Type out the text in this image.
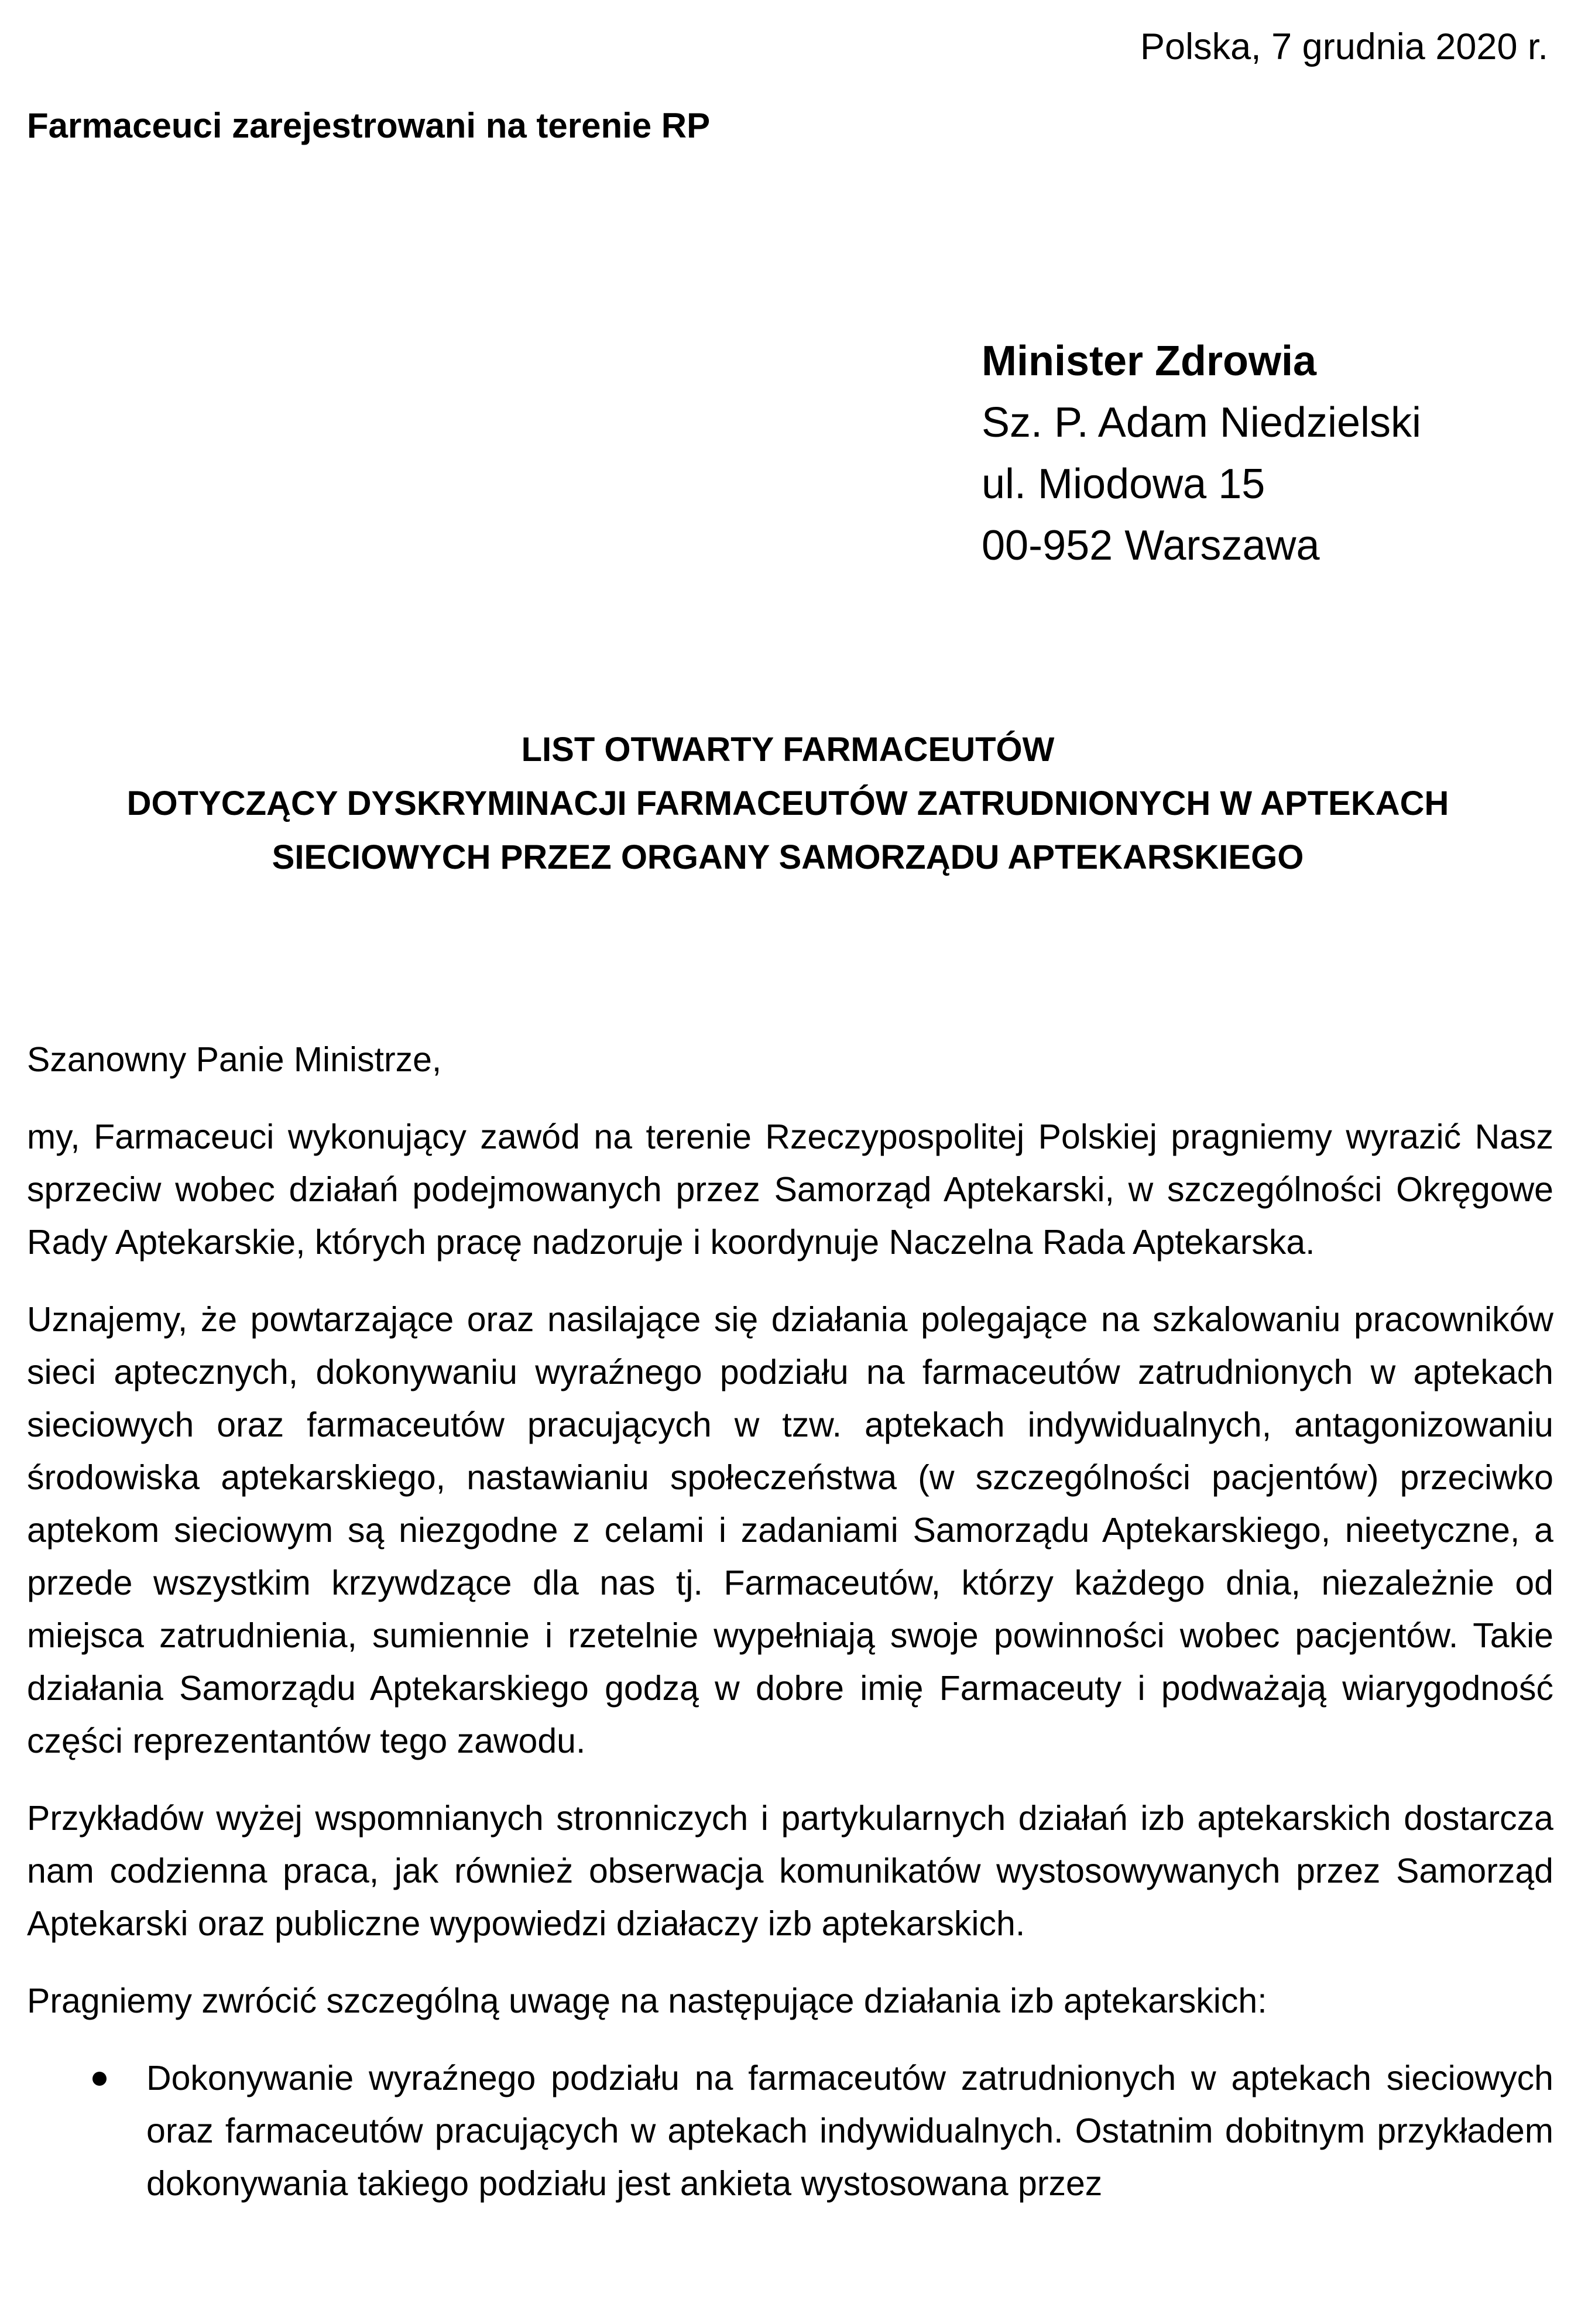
Polska, 7 grudnia 2020 r.
Farmaceuci zarejestrowani na terenie RP
Minister Zdrowia
Sz. P. Adam Niedzielski
ul. Miodowa 15
00-952 Warszawa
LIST OTWARTY FARMACEUTÓW
DOTYCZĄCY DYSKRYMINACJI FARMACEUTÓW ZATRUDNIONYCH W APTEKACH
SIECIOWYCH PRZEZ ORGANY SAMORZĄDU APTEKARSKIEGO

Szanowny Panie Ministrze,

my, Farmaceuci wykonujący zawód na terenie Rzeczypospolitej Polskiej pragniemy wyrazić Nasz sprzeciw wobec działań podejmowanych przez Samorząd Aptekarski, w szczególności Okręgowe Rady Aptekarskie, których pracę nadzoruje i koordynuje Naczelna Rada Aptekarska.

Uznajemy, że powtarzające oraz nasilające się działania polegające na szkalowaniu pracowników sieci aptecznych, dokonywaniu wyraźnego podziału na farmaceutów zatrudnionych w aptekach sieciowych oraz farmaceutów pracujących w tzw. aptekach indywidualnych, antagonizowaniu środowiska aptekarskiego, nastawianiu społeczeństwa (w szczególności pacjentów) przeciwko aptekom sieciowym są niezgodne z celami i zadaniami Samorządu Aptekarskiego, nieetyczne, a przede wszystkim krzywdzące dla nas tj. Farmaceutów, którzy każdego dnia, niezależnie od miejsca zatrudnienia, sumiennie i rzetelnie wypełniają swoje powinności wobec pacjentów. Takie działania Samorządu Aptekarskiego godzą w dobre imię Farmaceuty i podważają wiarygodność części reprezentantów tego zawodu.

Przykładów wyżej wspomnianych stronniczych i partykularnych działań izb aptekarskich dostarcza nam codzienna praca, jak również obserwacja komunikatów wystosowywanych przez Samorząd Aptekarski oraz publiczne wypowiedzi działaczy izb aptekarskich.

Pragniemy zwrócić szczególną uwagę na następujące działania izb aptekarskich:

Dokonywanie wyraźnego podziału na farmaceutów zatrudnionych w aptekach sieciowych oraz farmaceutów pracujących w aptekach indywidualnych. Ostatnim dobitnym przykładem dokonywania takiego podziału jest ankieta wystosowana przez
